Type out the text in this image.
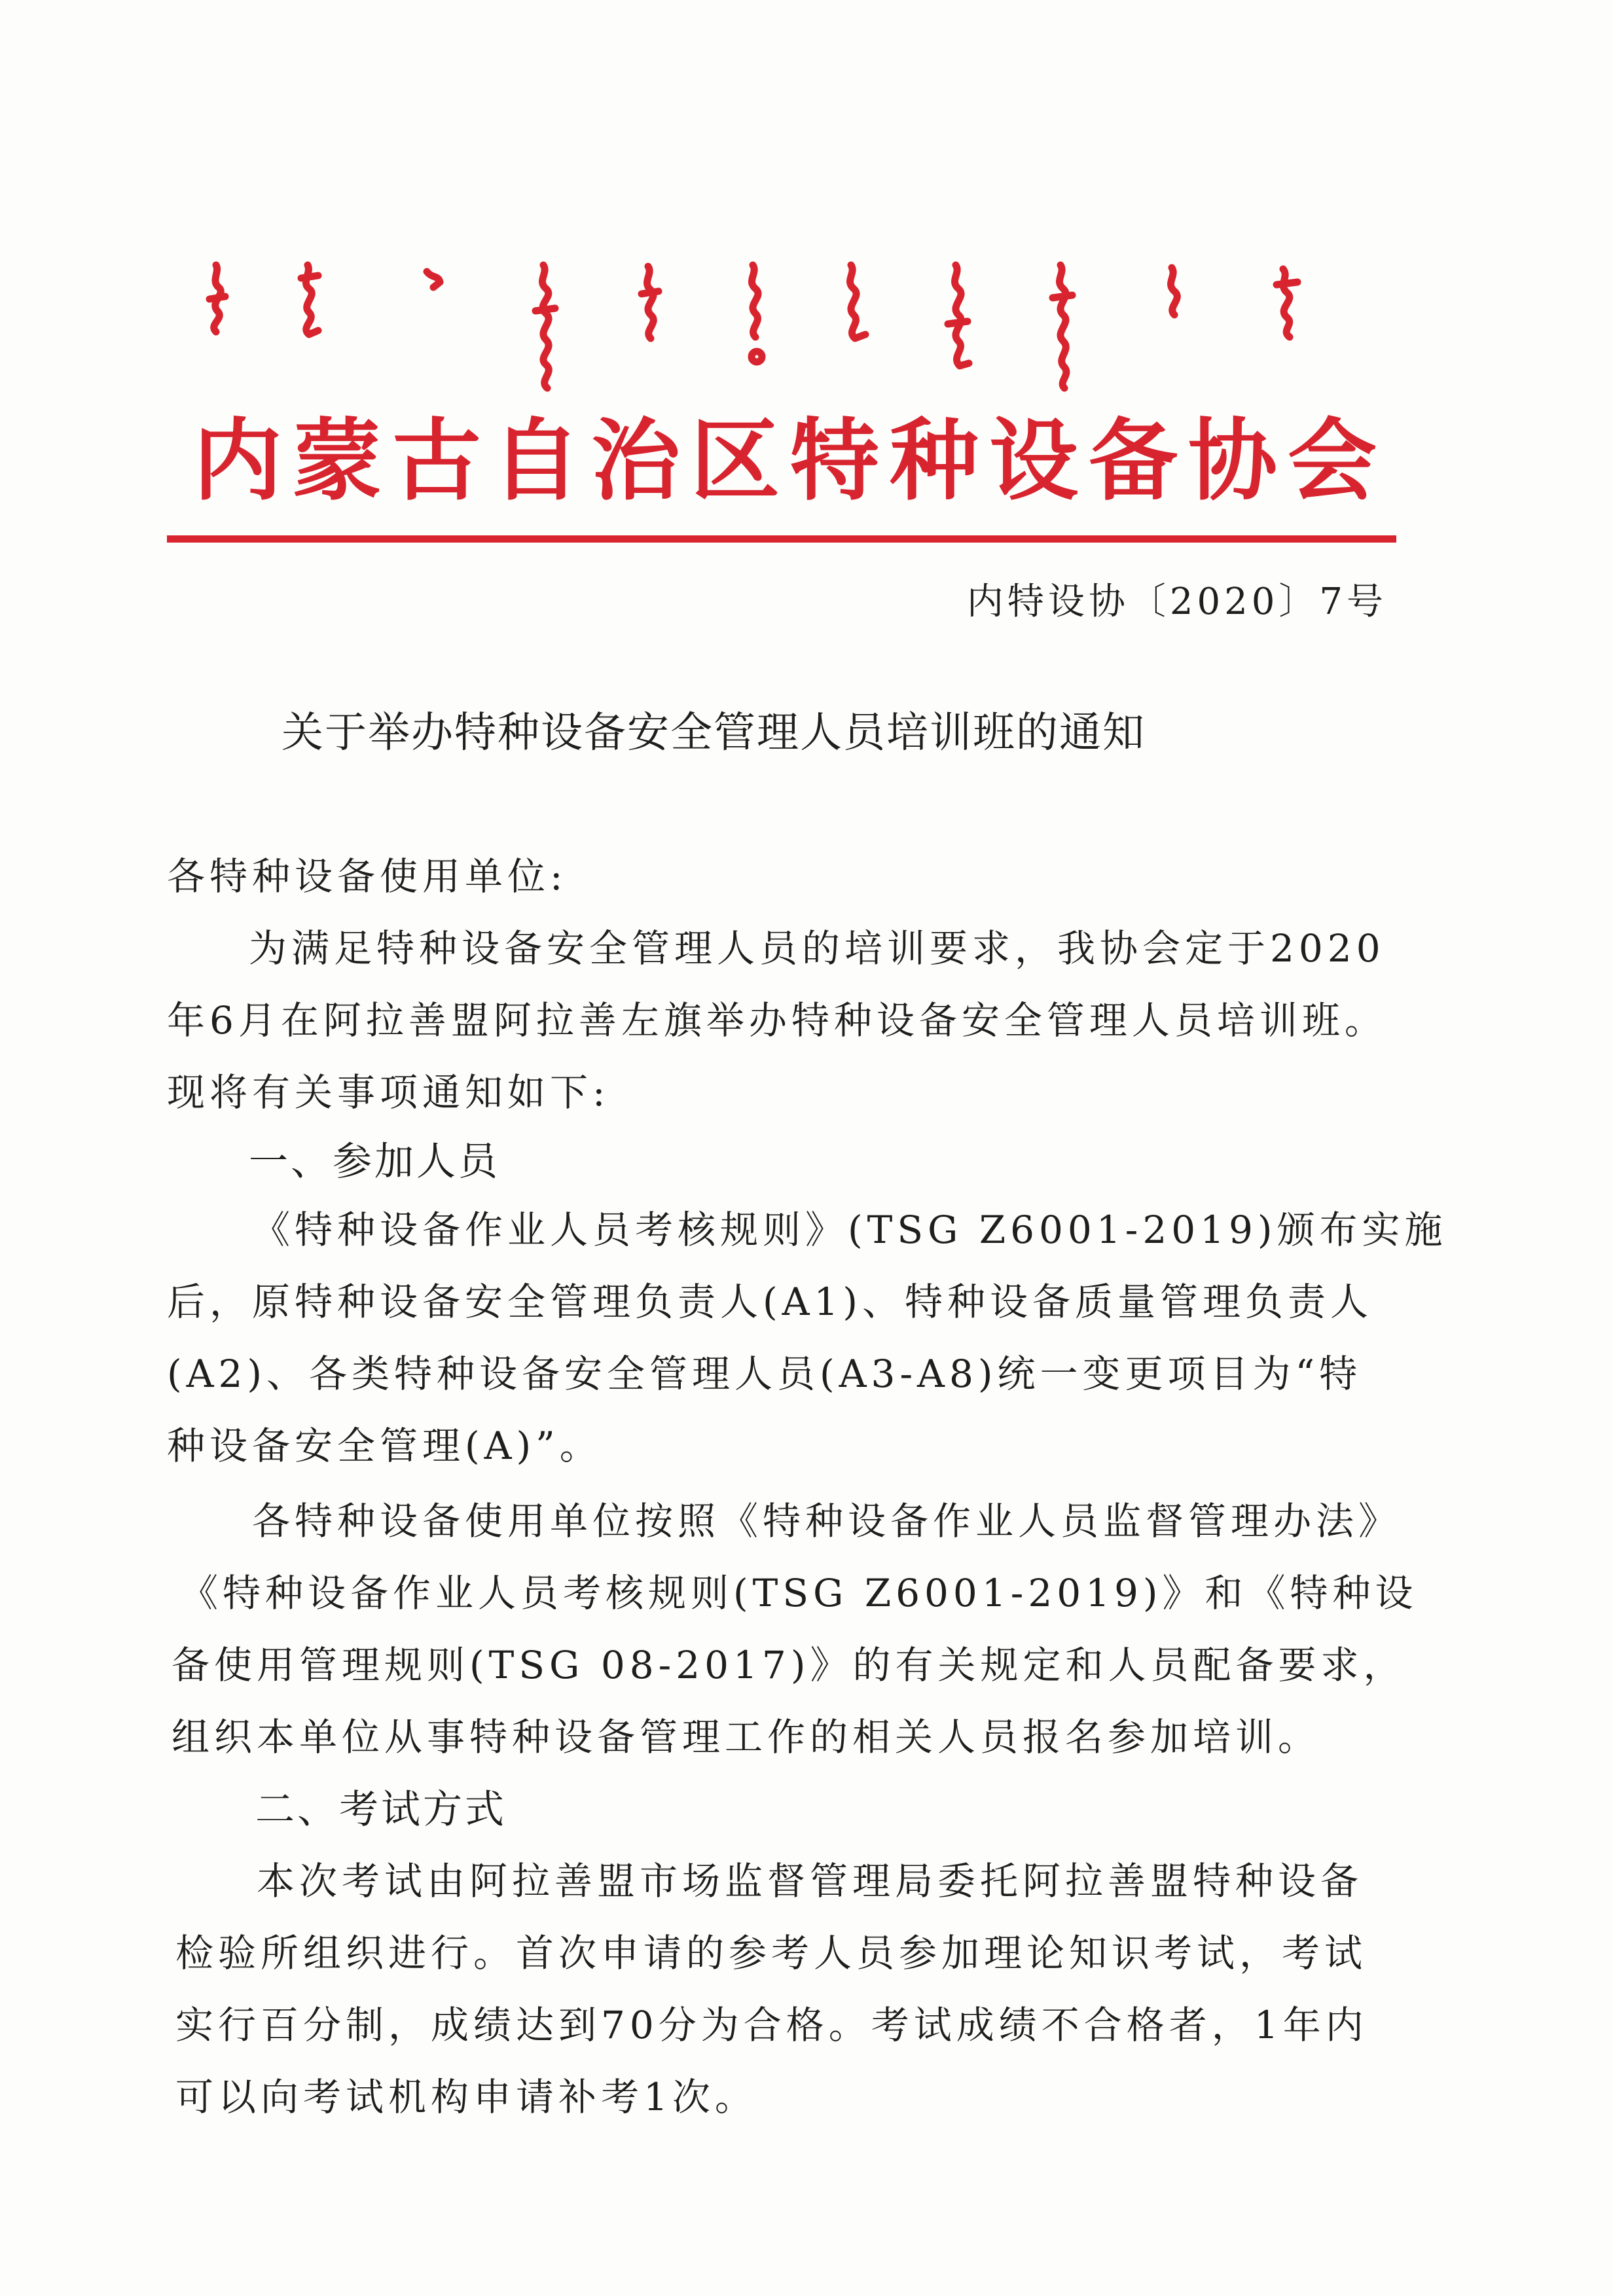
内蒙古自治区特种设备协会
内特设协〔2020〕7号
关于举办特种设备安全管理人员培训班的通知
各特种设备使用单位:
为满足特种设备安全管理人员的培训要求，我协会定于2020
年6月在阿拉善盟阿拉善左旗举办特种设备安全管理人员培训班。
现将有关事项通知如下:
一、参加人员
《特种设备作业人员考核规则》(TSG Z6001-2019)颁布实施
后，原特种设备安全管理负责人(A1)、特种设备质量管理负责人
(A2)、各类特种设备安全管理人员(A3-A8)统一变更项目为“特
种设备安全管理(A)”。
各特种设备使用单位按照《特种设备作业人员监督管理办法》
《特种设备作业人员考核规则(TSG Z6001-2019)》和《特种设
备使用管理规则(TSG 08-2017)》的有关规定和人员配备要求，
组织本单位从事特种设备管理工作的相关人员报名参加培训。
二、考试方式
本次考试由阿拉善盟市场监督管理局委托阿拉善盟特种设备
检验所组织进行。首次申请的参考人员参加理论知识考试，考试
实行百分制，成绩达到70分为合格。考试成绩不合格者，1年内
可以向考试机构申请补考1次。
